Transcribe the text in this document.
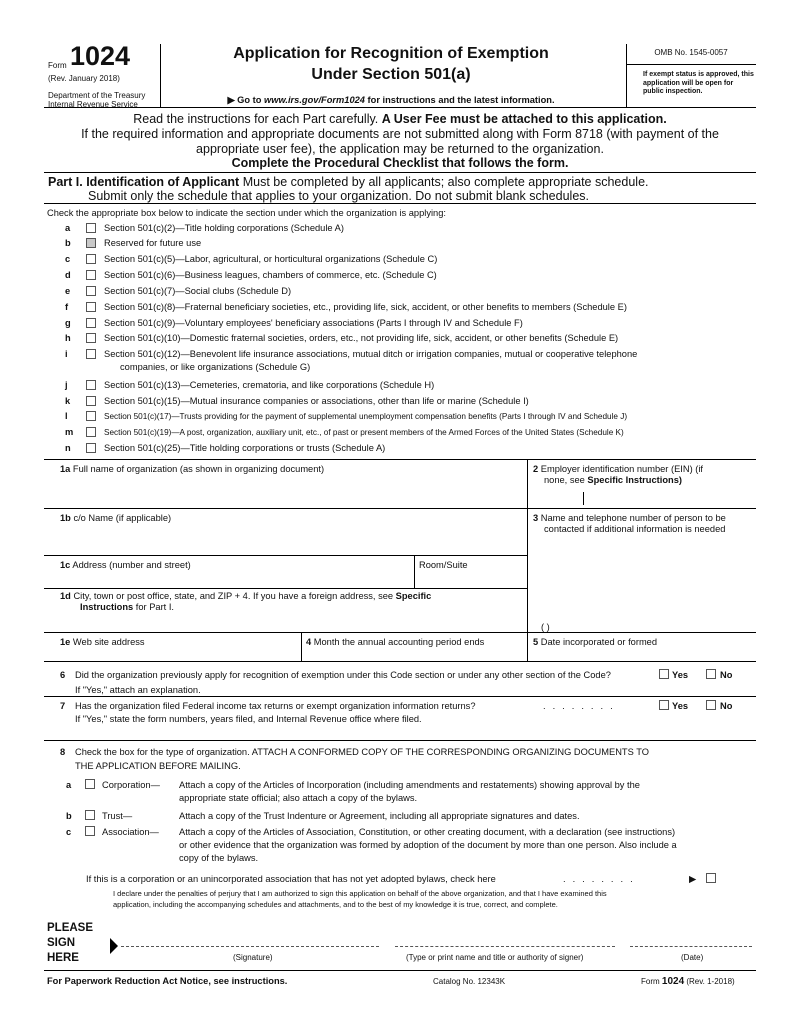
Form 1024
(Rev. January 2018)
Department of the Treasury
Internal Revenue Service
Application for Recognition of Exemption
Under Section 501(a)
▶ Go to www.irs.gov/Form1024 for instructions and the latest information.
OMB No. 1545-0057
If exempt status is approved, this application will be open for public inspection.
Read the instructions for each Part carefully. A User Fee must be attached to this application.
If the required information and appropriate documents are not submitted along with Form 8718 (with payment of the
appropriate user fee), the application may be returned to the organization.
Complete the Procedural Checklist that follows the form.
Part I. Identification of Applicant Must be completed by all applicants; also complete appropriate schedule.
Submit only the schedule that applies to your organization. Do not submit blank schedules.
Check the appropriate box below to indicate the section under which the organization is applying:
a	Section 501(c)(2)—Title holding corporations (Schedule A)
b	Reserved for future use
c	Section 501(c)(5)—Labor, agricultural, or horticultural organizations (Schedule C)
d	Section 501(c)(6)—Business leagues, chambers of commerce, etc. (Schedule C)
e	Section 501(c)(7)—Social clubs (Schedule D)
f	Section 501(c)(8)—Fraternal beneficiary societies, etc., providing life, sick, accident, or other benefits to members (Schedule E)
g	Section 501(c)(9)—Voluntary employees' beneficiary associations (Parts I through IV and Schedule F)
h	Section 501(c)(10)—Domestic fraternal societies, orders, etc., not providing life, sick, accident, or other benefits (Schedule E)
i	Section 501(c)(12)—Benevolent life insurance associations, mutual ditch or irrigation companies, mutual or cooperative telephone
companies, or like organizations (Schedule G)
j	Section 501(c)(13)—Cemeteries, crematoria, and like corporations (Schedule H)
k	Section 501(c)(15)—Mutual insurance companies or associations, other than life or marine (Schedule I)
l	Section 501(c)(17)—Trusts providing for the payment of supplemental unemployment compensation benefits (Parts I through IV and Schedule J)
m	Section 501(c)(19)—A post, organization, auxiliary unit, etc., of past or present members of the Armed Forces of the United States (Schedule K)
n	Section 501(c)(25)—Title holding corporations or trusts (Schedule A)
1a Full name of organization (as shown in organizing document)	2 Employer identification number (EIN) (if
none, see Specific Instructions)
1b c/o Name (if applicable)	3 Name and telephone number of person to be
contacted if additional information is needed
1c Address (number and street)	Room/Suite
1d City, town or post office, state, and ZIP + 4. If you have a foreign address, see Specific
Instructions for Part I.
( )
1e Web site address	4 Month the annual accounting period ends	5 Date incorporated or formed
6 Did the organization previously apply for recognition of exemption under this Code section or under any other section of the Code?	Yes	No
If "Yes," attach an explanation.
7 Has the organization filed Federal income tax returns or exempt organization information returns?	........	Yes	No
If "Yes," state the form numbers, years filed, and Internal Revenue office where filed.
8 Check the box for the type of organization. ATTACH A CONFORMED COPY OF THE CORRESPONDING ORGANIZING DOCUMENTS TO
THE APPLICATION BEFORE MAILING.
a	Corporation— Attach a copy of the Articles of Incorporation (including amendments and restatements) showing approval by the
appropriate state official; also attach a copy of the bylaws.
b	Trust—	Attach a copy of the Trust Indenture or Agreement, including all appropriate signatures and dates.
c	Association— Attach a copy of the Articles of Association, Constitution, or other creating document, with a declaration (see instructions)
or other evidence that the organization was formed by adoption of the document by more than one person. Also include a
copy of the bylaws.
If this is a corporation or an unincorporated association that has not yet adopted bylaws, check here	........	▶
I declare under the penalties of perjury that I am authorized to sign this application on behalf of the above organization, and that I have examined this
application, including the accompanying schedules and attachments, and to the best of my knowledge it is true, correct, and complete.
PLEASE
SIGN
HERE	(Signature)	(Type or print name and title or authority of signer)	(Date)
For Paperwork Reduction Act Notice, see instructions.	Catalog No. 12343K	Form 1024 (Rev. 1-2018)
